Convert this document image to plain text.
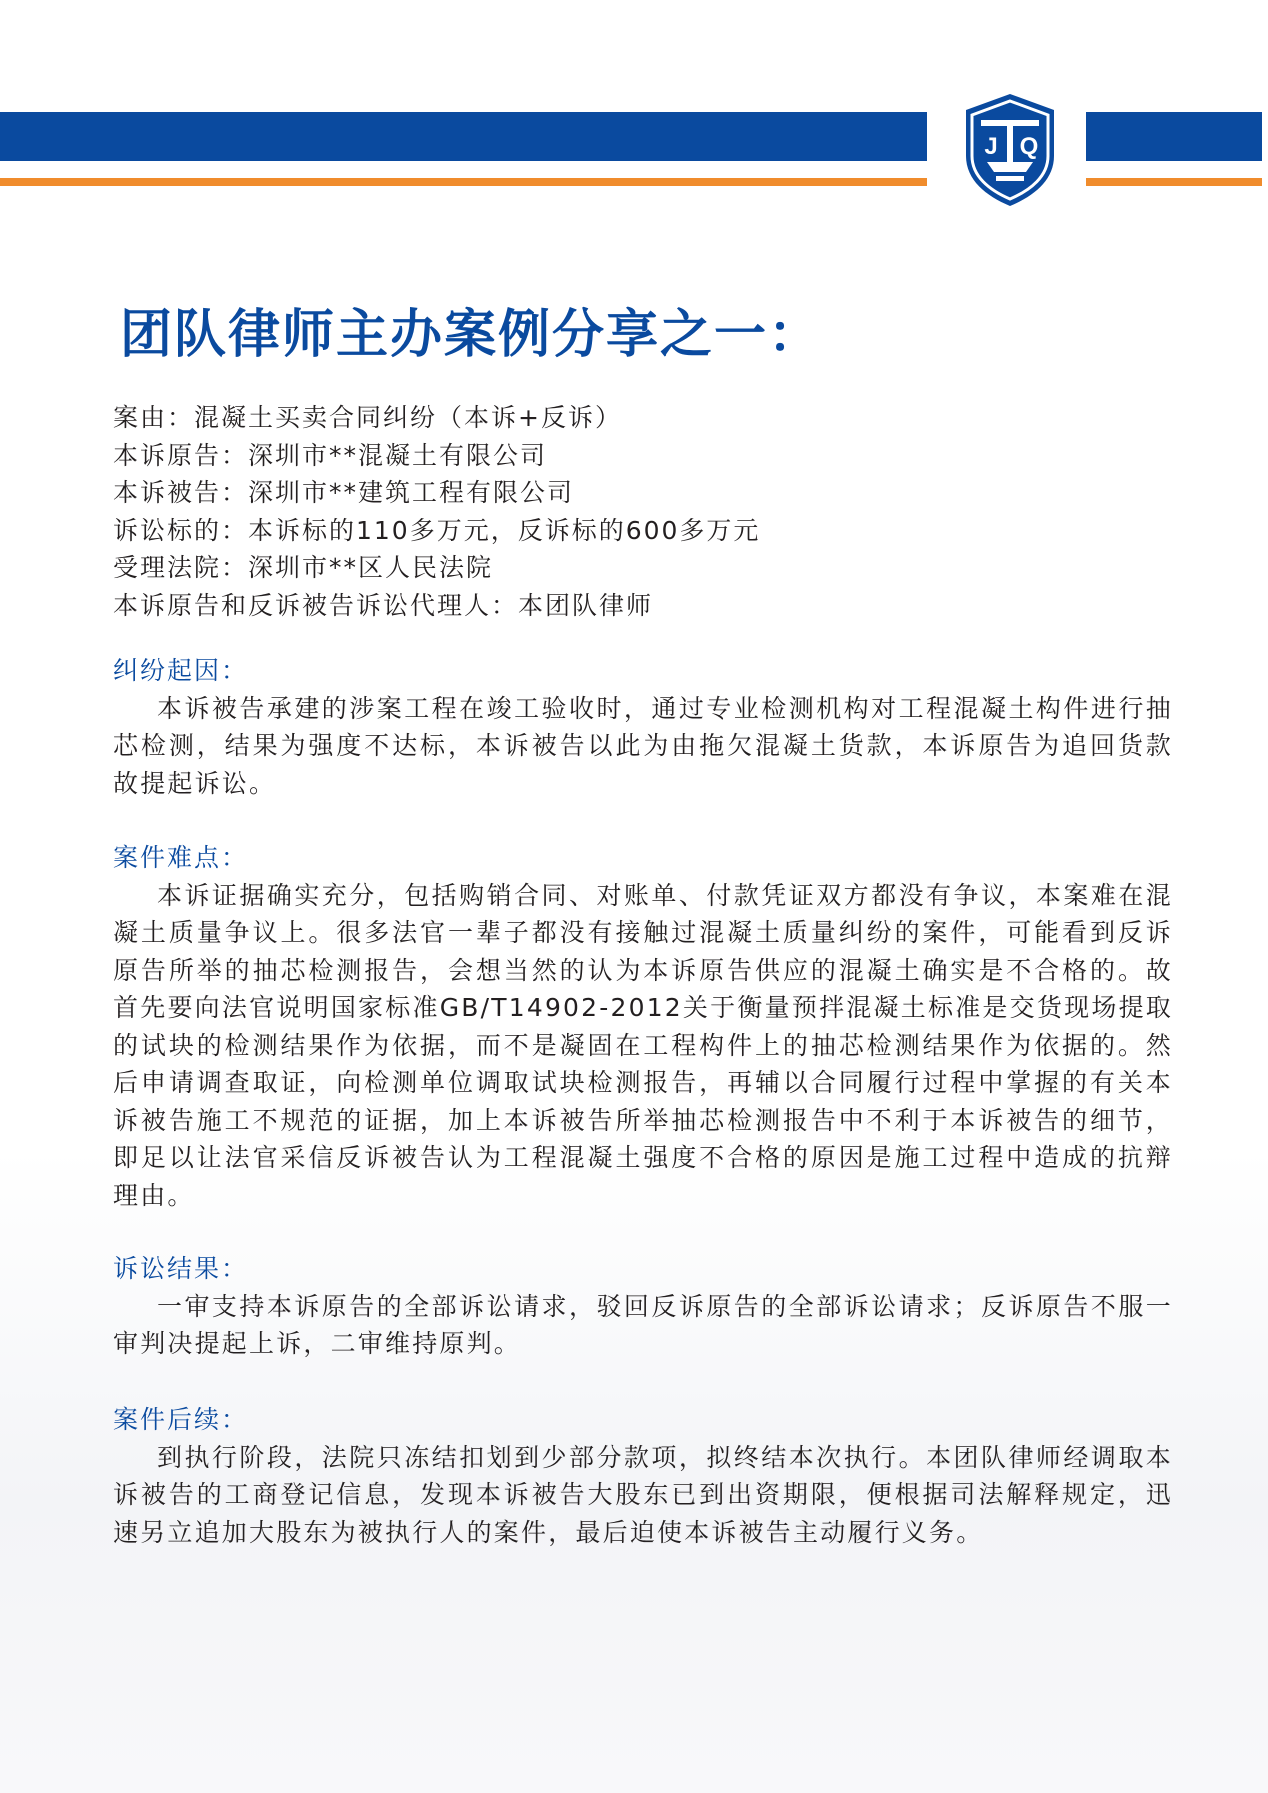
J Q
团队律师主办案例分享之一：
案由：混凝土买卖合同纠纷（本诉+反诉）
本诉原告：深圳市**混凝土有限公司
本诉被告：深圳市**建筑工程有限公司
诉讼标的：本诉标的110多万元，反诉标的600多万元
受理法院：深圳市**区人民法院
本诉原告和反诉被告诉讼代理人：本团队律师
纠纷起因：

本诉被告承建的涉案工程在竣工验收时，通过专业检测机构对工程混凝土构件进行抽芯检测，结果为强度不达标，本诉被告以此为由拖欠混凝土货款，本诉原告为追回货款故提起诉讼。

案件难点：

本诉证据确实充分，包括购销合同、对账单、付款凭证双方都没有争议，本案难在混凝土质量争议上。很多法官一辈子都没有接触过混凝土质量纠纷的案件，可能看到反诉原告所举的抽芯检测报告，会想当然的认为本诉原告供应的混凝土确实是不合格的。故首先要向法官说明国家标准GB/T14902-2012关于衡量预拌混凝土标准是交货现场提取的试块的检测结果作为依据，而不是凝固在工程构件上的抽芯检测结果作为依据的。然后申请调查取证，向检测单位调取试块检测报告，再辅以合同履行过程中掌握的有关本诉被告施工不规范的证据，加上本诉被告所举抽芯检测报告中不利于本诉被告的细节，即足以让法官采信反诉被告认为工程混凝土强度不合格的原因是施工过程中造成的抗辩理由。

诉讼结果：

一审支持本诉原告的全部诉讼请求，驳回反诉原告的全部诉讼请求；反诉原告不服一审判决提起上诉，二审维持原判。

案件后续：

到执行阶段，法院只冻结扣划到少部分款项，拟终结本次执行。本团队律师经调取本诉被告的工商登记信息，发现本诉被告大股东已到出资期限，便根据司法解释规定，迅速另立追加大股东为被执行人的案件，最后迫使本诉被告主动履行义务。
